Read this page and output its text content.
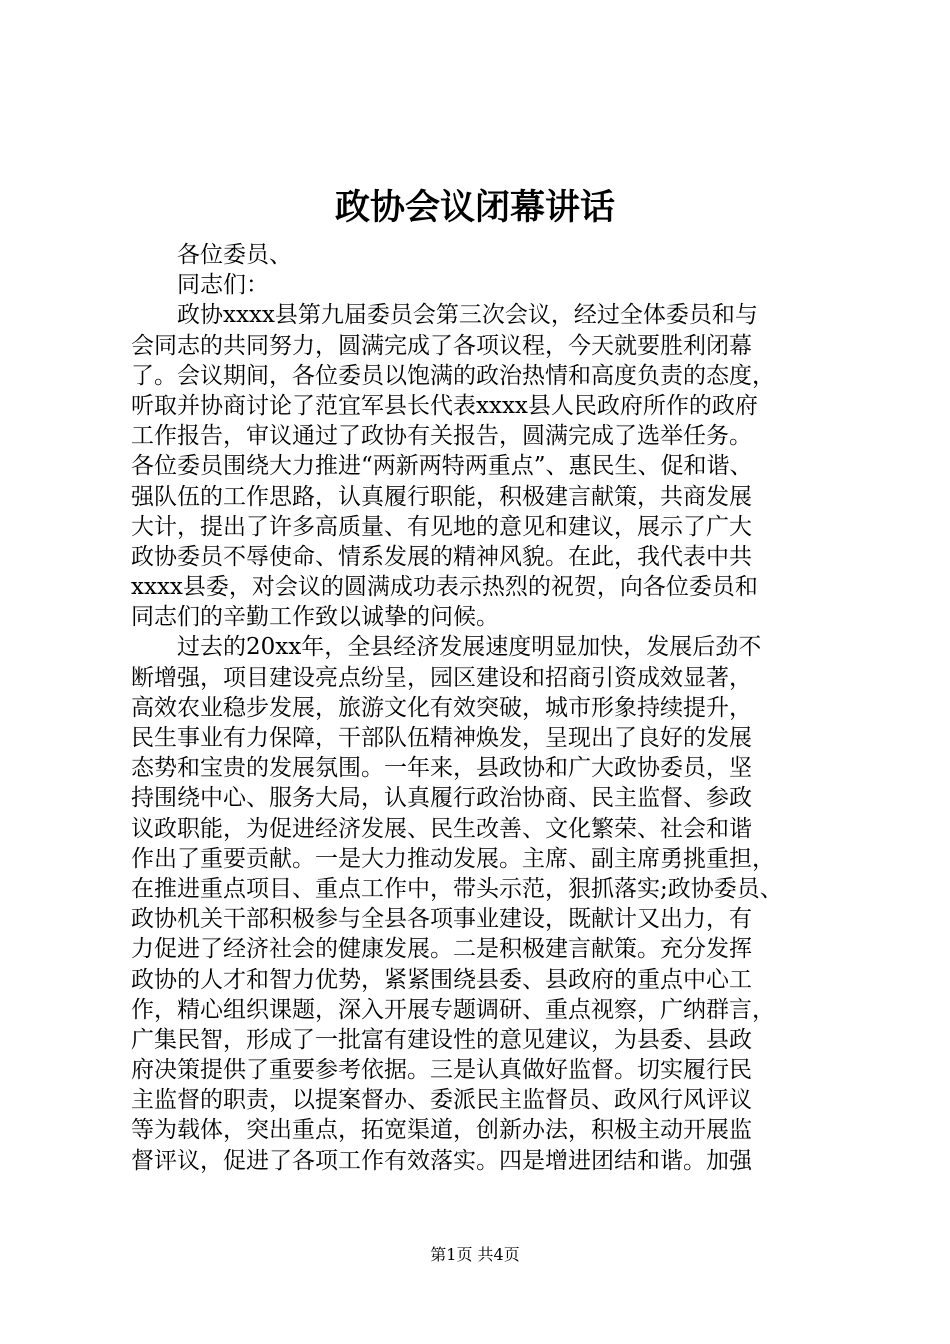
政协会议闭幕讲话
　　各位委员、
　　同志们：
　　政协xxxx县第九届委员会第三次会议，经过全体委员和与
会同志的共同努力，圆满完成了各项议程，今天就要胜利闭幕
了。会议期间，各位委员以饱满的政治热情和高度负责的态度，
听取并协商讨论了范宜军县长代表xxxx县人民政府所作的政府
工作报告，审议通过了政协有关报告，圆满完成了选举任务。
各位委员围绕大力推进“两新两特两重点”、惠民生、促和谐、
强队伍的工作思路，认真履行职能，积极建言献策，共商发展
大计，提出了许多高质量、有见地的意见和建议，展示了广大
政协委员不辱使命、情系发展的精神风貌。在此，我代表中共
xxxx县委，对会议的圆满成功表示热烈的祝贺，向各位委员和
同志们的辛勤工作致以诚挚的问候。
　　过去的20xx年，全县经济发展速度明显加快，发展后劲不
断增强，项目建设亮点纷呈，园区建设和招商引资成效显著，
高效农业稳步发展，旅游文化有效突破，城市形象持续提升，
民生事业有力保障，干部队伍精神焕发，呈现出了良好的发展
态势和宝贵的发展氛围。一年来，县政协和广大政协委员，坚
持围绕中心、服务大局，认真履行政治协商、民主监督、参政
议政职能，为促进经济发展、民生改善、文化繁荣、社会和谐
作出了重要贡献。一是大力推动发展。主席、副主席勇挑重担，
在推进重点项目、重点工作中，带头示范，狠抓落实;政协委员、
政协机关干部积极参与全县各项事业建设，既献计又出力，有
力促进了经济社会的健康发展。二是积极建言献策。充分发挥
政协的人才和智力优势，紧紧围绕县委、县政府的重点中心工
作，精心组织课题，深入开展专题调研、重点视察，广纳群言，
广集民智，形成了一批富有建设性的意见建议，为县委、县政
府决策提供了重要参考依据。三是认真做好监督。切实履行民
主监督的职责，以提案督办、委派民主监督员、政风行风评议
等为载体，突出重点，拓宽渠道，创新办法，积极主动开展监
督评议，促进了各项工作有效落实。四是增进团结和谐。加强
第1页 共4页
